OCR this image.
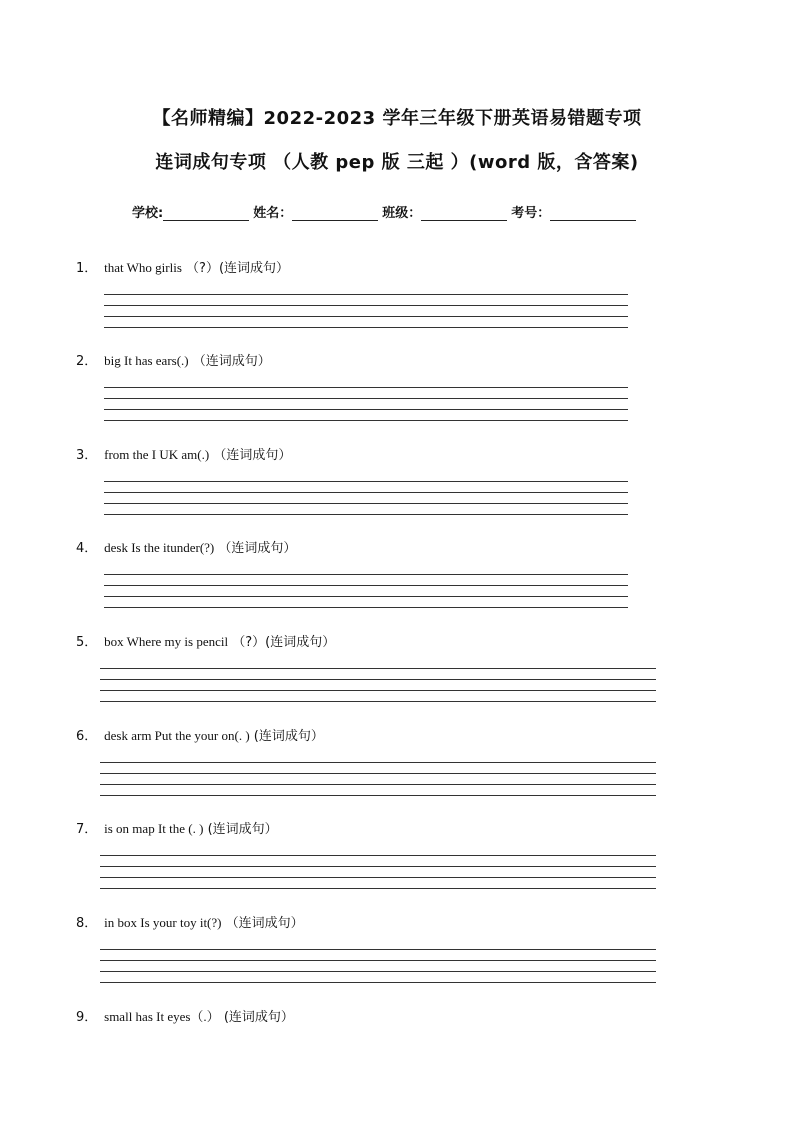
【名师精编】2022-2023 学年三年级下册英语易错题专项
连词成句专项 （人教 pep 版 三起 ）(word 版，含答案)
学校:	姓名：	班级：	考号：
1． that Who girlis （?）(连词成句）
2． big It has ears(.) （连词成句）
3． from the I UK am(.) （连词成句）
4． desk Is the itunder(?) （连词成句）
5． box Where my is pencil （?）(连词成句）
6． desk arm Put the your on(. ) (连词成句）
7． is on map It the (. ) (连词成句）
8． in box Is your toy it(?) （连词成句）
9． small has It eyes（.） (连词成句）
